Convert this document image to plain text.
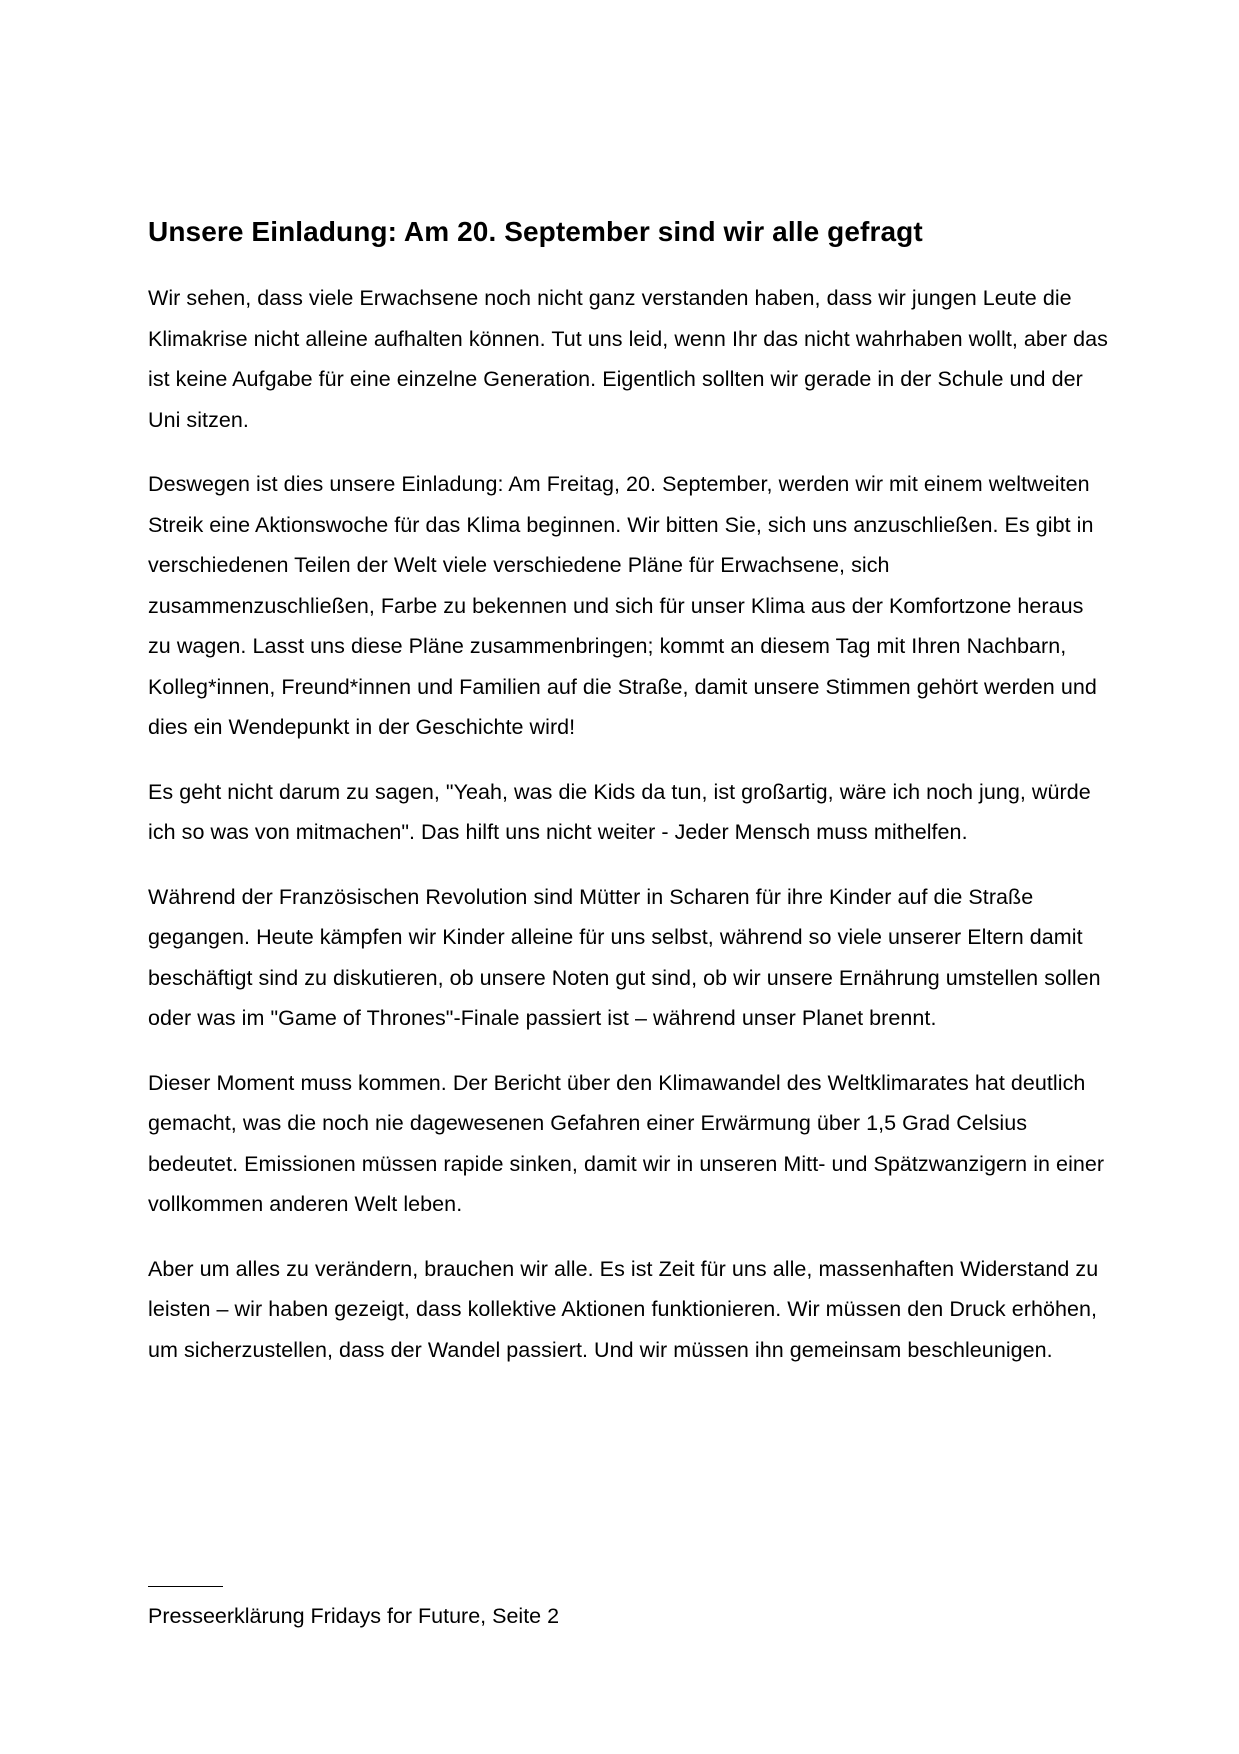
Unsere Einladung: Am 20. September sind wir alle gefragt

Wir sehen, dass viele Erwachsene noch nicht ganz verstanden haben, dass wir jungen Leute die Klimakrise nicht alleine aufhalten können. Tut uns leid, wenn Ihr das nicht wahrhaben wollt, aber das ist keine Aufgabe für eine einzelne Generation. Eigentlich sollten wir gerade in der Schule und der Uni sitzen.

Deswegen ist dies unsere Einladung: Am Freitag, 20. September, werden wir mit einem weltweiten Streik eine Aktionswoche für das Klima beginnen. Wir bitten Sie, sich uns anzuschließen. Es gibt in verschiedenen Teilen der Welt viele verschiedene Pläne für Erwachsene, sich zusammenzuschließen, Farbe zu bekennen und sich für unser Klima aus der Komfortzone heraus zu wagen. Lasst uns diese Pläne zusammenbringen; kommt an diesem Tag mit Ihren Nachbarn, Kolleg*innen, Freund*innen und Familien auf die Straße, damit unsere Stimmen gehört werden und dies ein Wendepunkt in der Geschichte wird!

Es geht nicht darum zu sagen, "Yeah, was die Kids da tun, ist großartig, wäre ich noch jung, würde ich so was von mitmachen". Das hilft uns nicht weiter - Jeder Mensch muss mithelfen.

Während der Französischen Revolution sind Mütter in Scharen für ihre Kinder auf die Straße gegangen. Heute kämpfen wir Kinder alleine für uns selbst, während so viele unserer Eltern damit beschäftigt sind zu diskutieren, ob unsere Noten gut sind, ob wir unsere Ernährung umstellen sollen oder was im "Game of Thrones"-Finale passiert ist – während unser Planet brennt.

Dieser Moment muss kommen. Der Bericht über den Klimawandel des Weltklimarates hat deutlich gemacht, was die noch nie dagewesenen Gefahren einer Erwärmung über 1,5 Grad Celsius bedeutet. Emissionen müssen rapide sinken, damit wir in unseren Mitt- und Spätzwanzigern in einer vollkommen anderen Welt leben.

Aber um alles zu verändern, brauchen wir alle. Es ist Zeit für uns alle, massenhaften Widerstand zu leisten – wir haben gezeigt, dass kollektive Aktionen funktionieren. Wir müssen den Druck erhöhen, um sicherzustellen, dass der Wandel passiert. Und wir müssen ihn gemeinsam beschleunigen.

Presseerklärung Fridays for Future, Seite 2
